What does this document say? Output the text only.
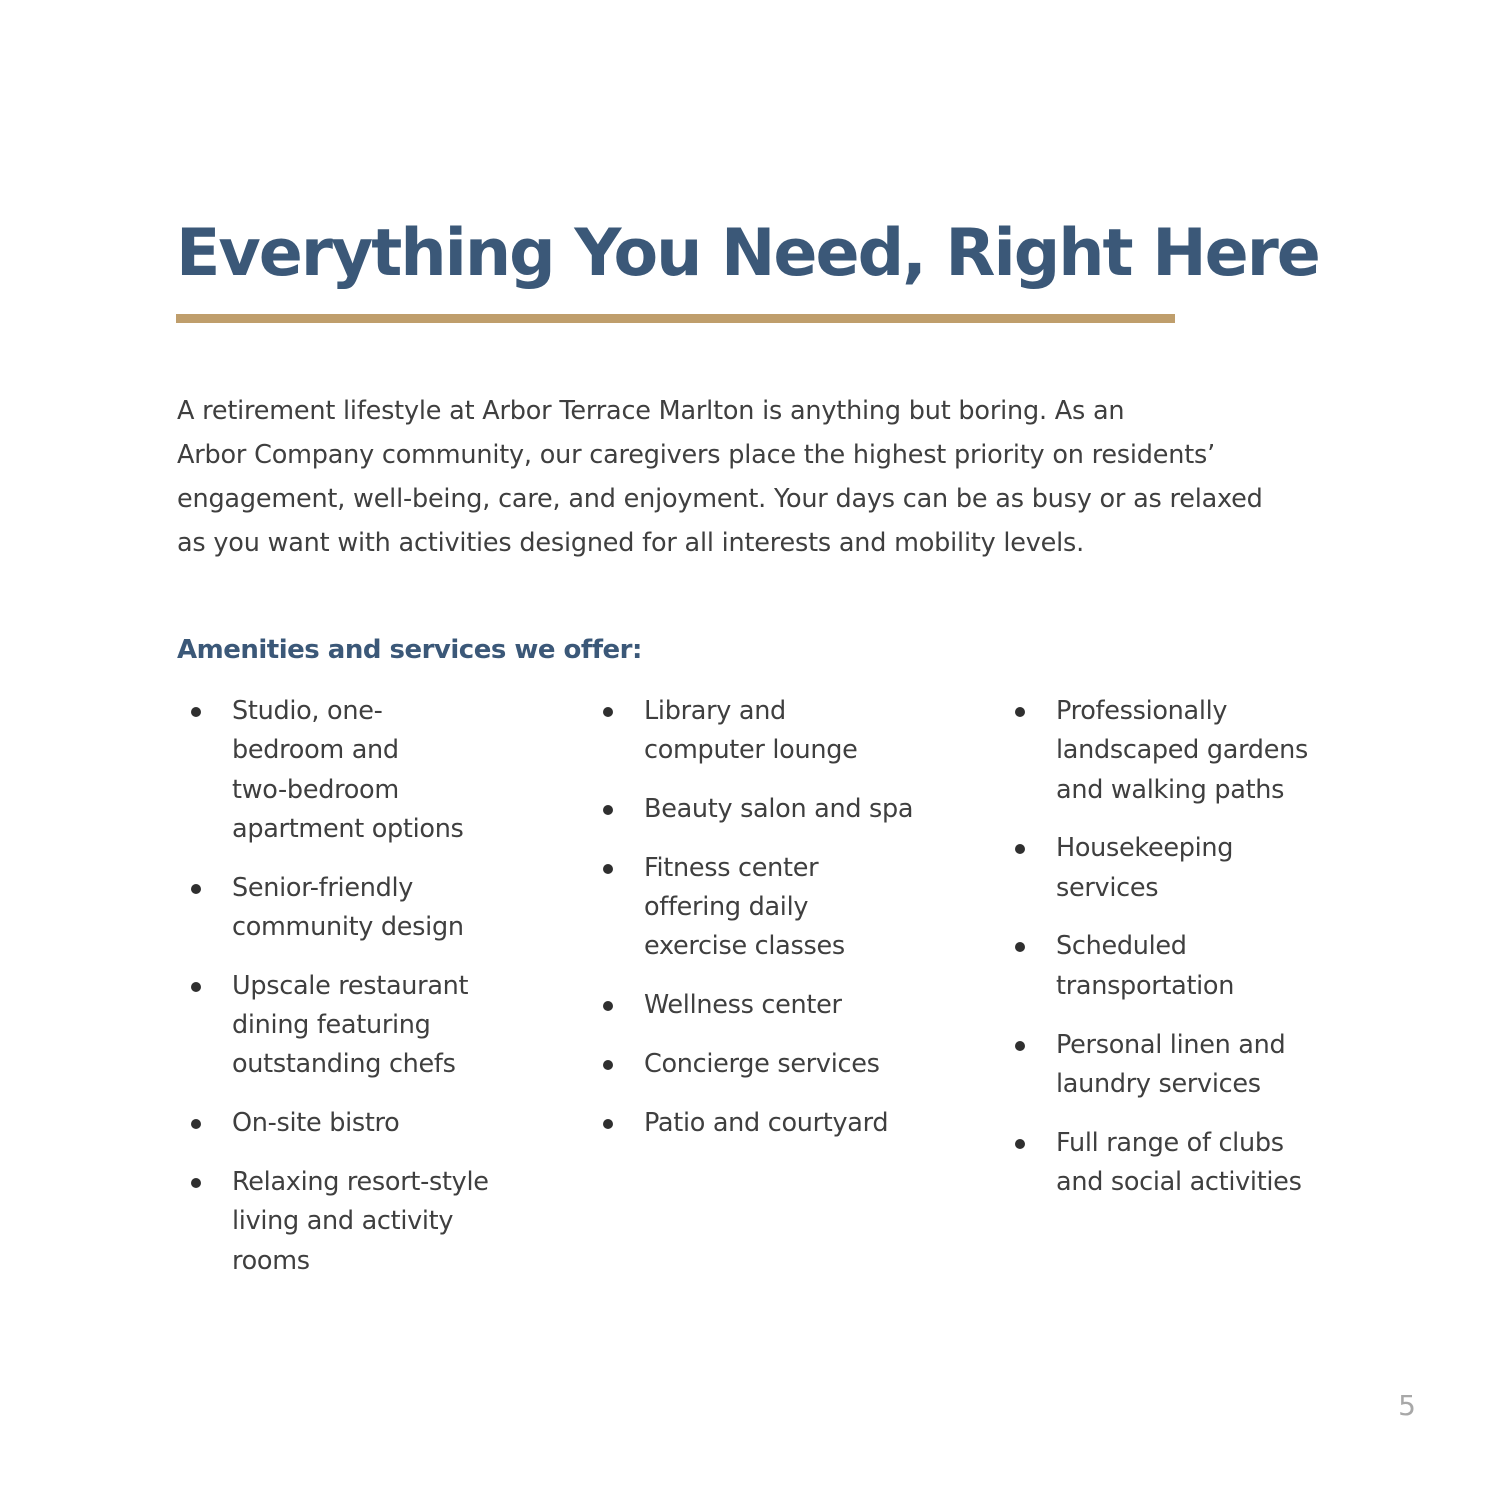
Everything You Need, Right Here

A retirement lifestyle at Arbor Terrace Marlton is anything but boring. As an
Arbor Company community, our caregivers place the highest priority on residents’
engagement, well-being, care, and enjoyment. Your days can be as busy or as relaxed
as you want with activities designed for all interests and mobility levels.

Amenities and services we offer:
Studio, one-
bedroom and
two-bedroom
apartment options
Senior-friendly
community design
Upscale restaurant
dining featuring
outstanding chefs
On-site bistro
Relaxing resort-style
living and activity
rooms
Library and
computer lounge
Beauty salon and spa
Fitness center
offering daily
exercise classes
Wellness center
Concierge services
Patio and courtyard
Professionally
landscaped gardens
and walking paths
Housekeeping
services
Scheduled
transportation
Personal linen and
laundry services
Full range of clubs
and social activities
5
